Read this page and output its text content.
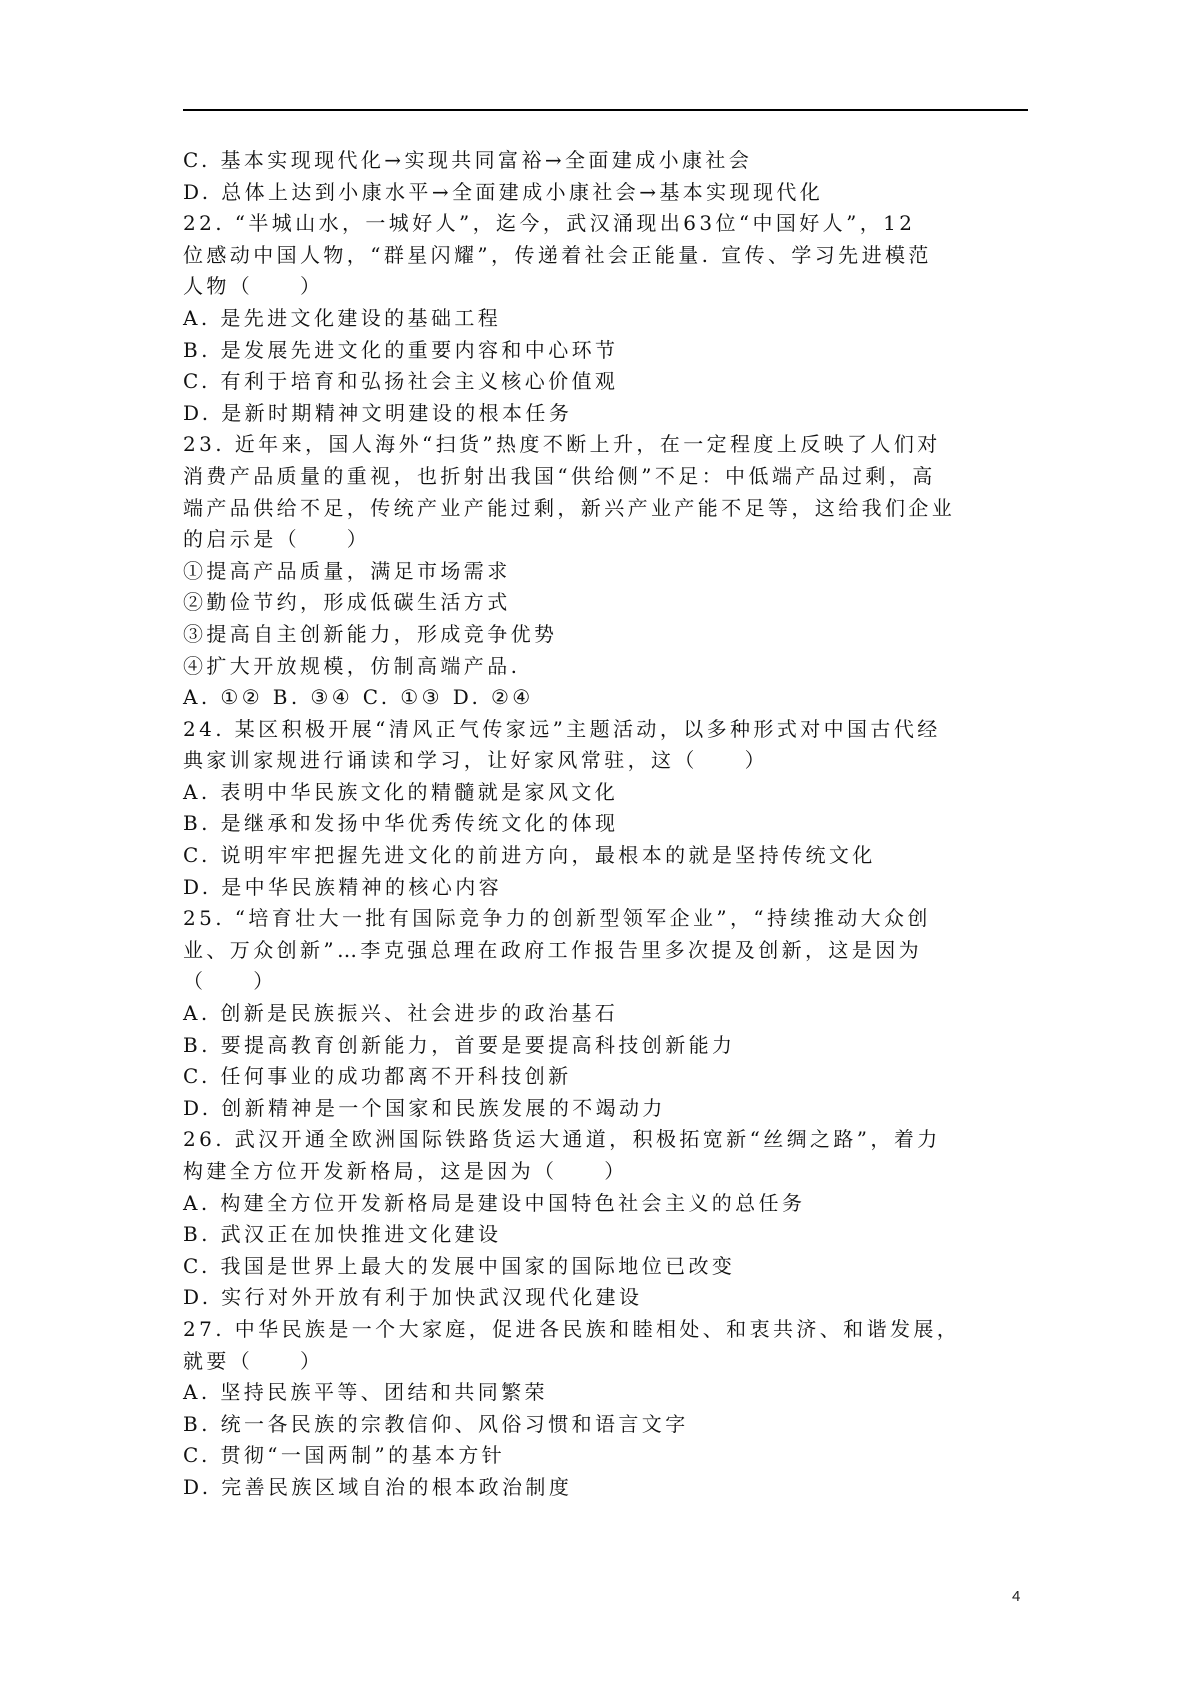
C. 基本实现现代化→实现共同富裕→全面建成小康社会
D. 总体上达到小康水平→全面建成小康社会→基本实现现代化
22. “半城山水，一城好人”，迄今，武汉涌现出63位“中国好人”，12
位感动中国人物，“群星闪耀”，传递着社会正能量. 宣传、学习先进模范
人物（　　）
A. 是先进文化建设的基础工程
B. 是发展先进文化的重要内容和中心环节
C. 有利于培育和弘扬社会主义核心价值观
D. 是新时期精神文明建设的根本任务
23. 近年来，国人海外“扫货”热度不断上升，在一定程度上反映了人们对
消费产品质量的重视，也折射出我国“供给侧”不足：中低端产品过剩，高
端产品供给不足，传统产业产能过剩，新兴产业产能不足等，这给我们企业
的启示是（　　）
①提高产品质量，满足市场需求
②勤俭节约，形成低碳生活方式
③提高自主创新能力，形成竞争优势
④扩大开放规模，仿制高端产品.
A. ①② B. ③④ C. ①③ D. ②④
24. 某区积极开展“清风正气传家远”主题活动，以多种形式对中国古代经
典家训家规进行诵读和学习，让好家风常驻，这（　　）
A. 表明中华民族文化的精髓就是家风文化
B. 是继承和发扬中华优秀传统文化的体现
C. 说明牢牢把握先进文化的前进方向，最根本的就是坚持传统文化
D. 是中华民族精神的核心内容
25. “培育壮大一批有国际竞争力的创新型领军企业”，“持续推动大众创
业、万众创新”…李克强总理在政府工作报告里多次提及创新，这是因为
（　　）
A. 创新是民族振兴、社会进步的政治基石
B. 要提高教育创新能力，首要是要提高科技创新能力
C. 任何事业的成功都离不开科技创新
D. 创新精神是一个国家和民族发展的不竭动力
26. 武汉开通全欧洲国际铁路货运大通道，积极拓宽新“丝绸之路”，着力
构建全方位开发新格局，这是因为（　　）
A. 构建全方位开发新格局是建设中国特色社会主义的总任务
B. 武汉正在加快推进文化建设
C. 我国是世界上最大的发展中国家的国际地位已改变
D. 实行对外开放有利于加快武汉现代化建设
27. 中华民族是一个大家庭，促进各民族和睦相处、和衷共济、和谐发展，
就要（　　）
A. 坚持民族平等、团结和共同繁荣
B. 统一各民族的宗教信仰、风俗习惯和语言文字
C. 贯彻“一国两制”的基本方针
D. 完善民族区域自治的根本政治制度
4
